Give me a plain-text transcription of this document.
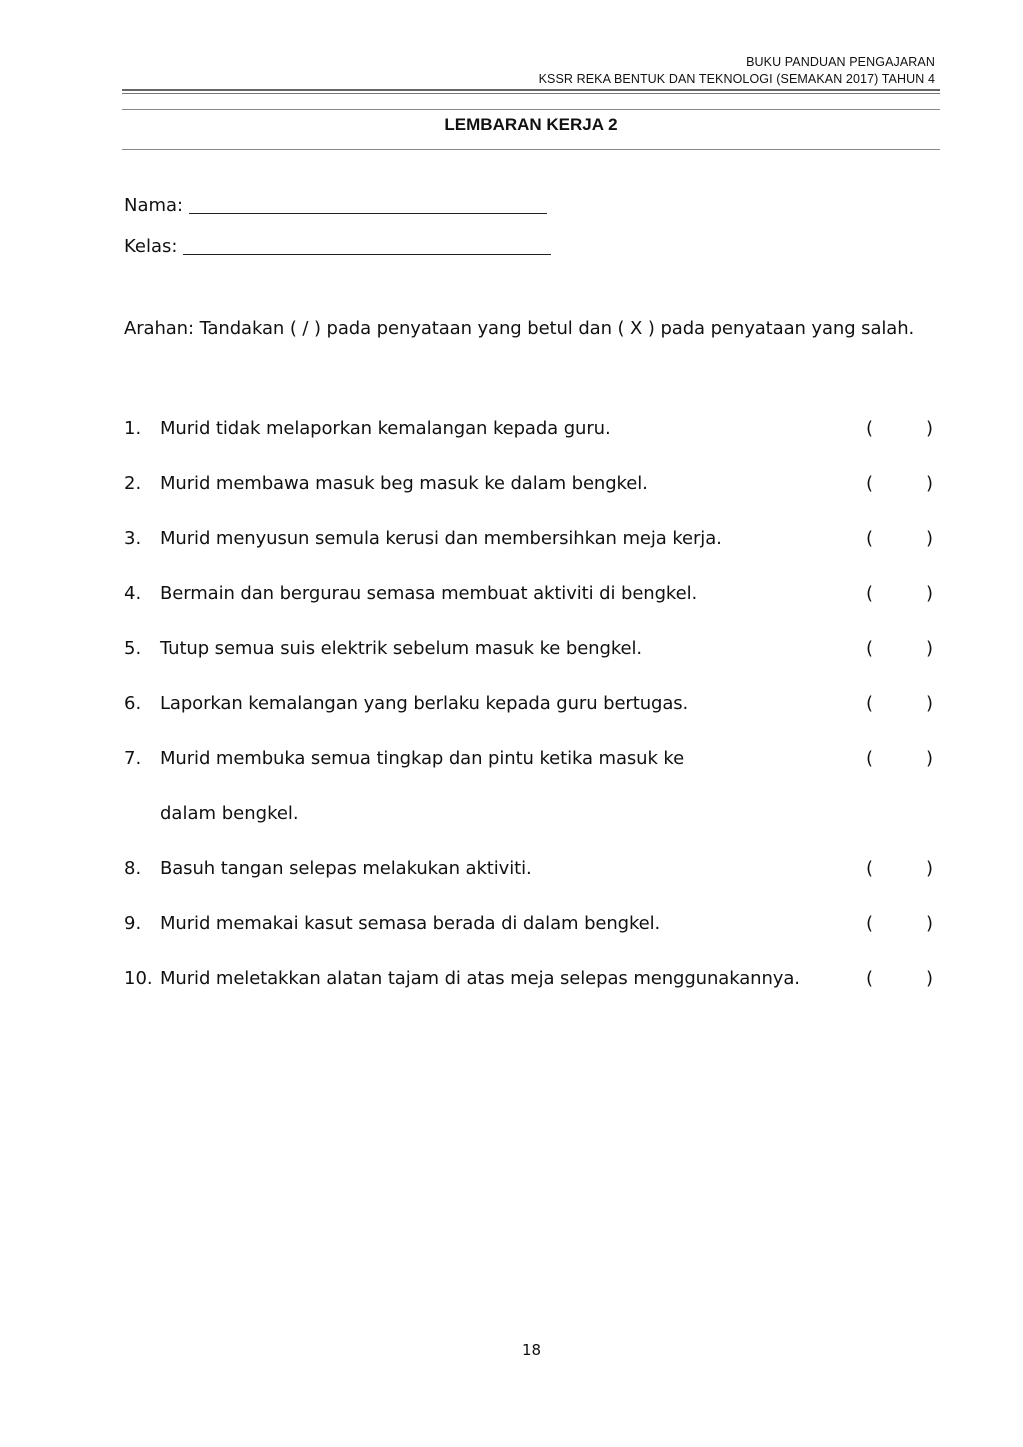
BUKU PANDUAN PENGAJARAN
KSSR REKA BENTUK DAN TEKNOLOGI (SEMAKAN 2017) TAHUN 4
LEMBARAN KERJA 2
Nama:
Kelas:
Arahan: Tandakan ( / ) pada penyataan yang betul dan ( X ) pada penyataan yang salah.
1. Murid tidak melaporkan kemalangan kepada guru.	(	)
2. Murid membawa masuk beg masuk ke dalam bengkel.	(	)
3. Murid menyusun semula kerusi dan membersihkan meja kerja.	(	)
4. Bermain dan bergurau semasa membuat aktiviti di bengkel.	(	)
5. Tutup semua suis elektrik sebelum masuk ke bengkel.	(	)
6. Laporkan kemalangan yang berlaku kepada guru bertugas.	(	)
7. Murid membuka semua tingkap dan pintu ketika masuk ke	(	)
dalam bengkel.
8. Basuh tangan selepas melakukan aktiviti.	(	)
9. Murid memakai kasut semasa berada di dalam bengkel.	(	)
10. Murid meletakkan alatan tajam di atas meja selepas menggunakannya.	(	)
18
